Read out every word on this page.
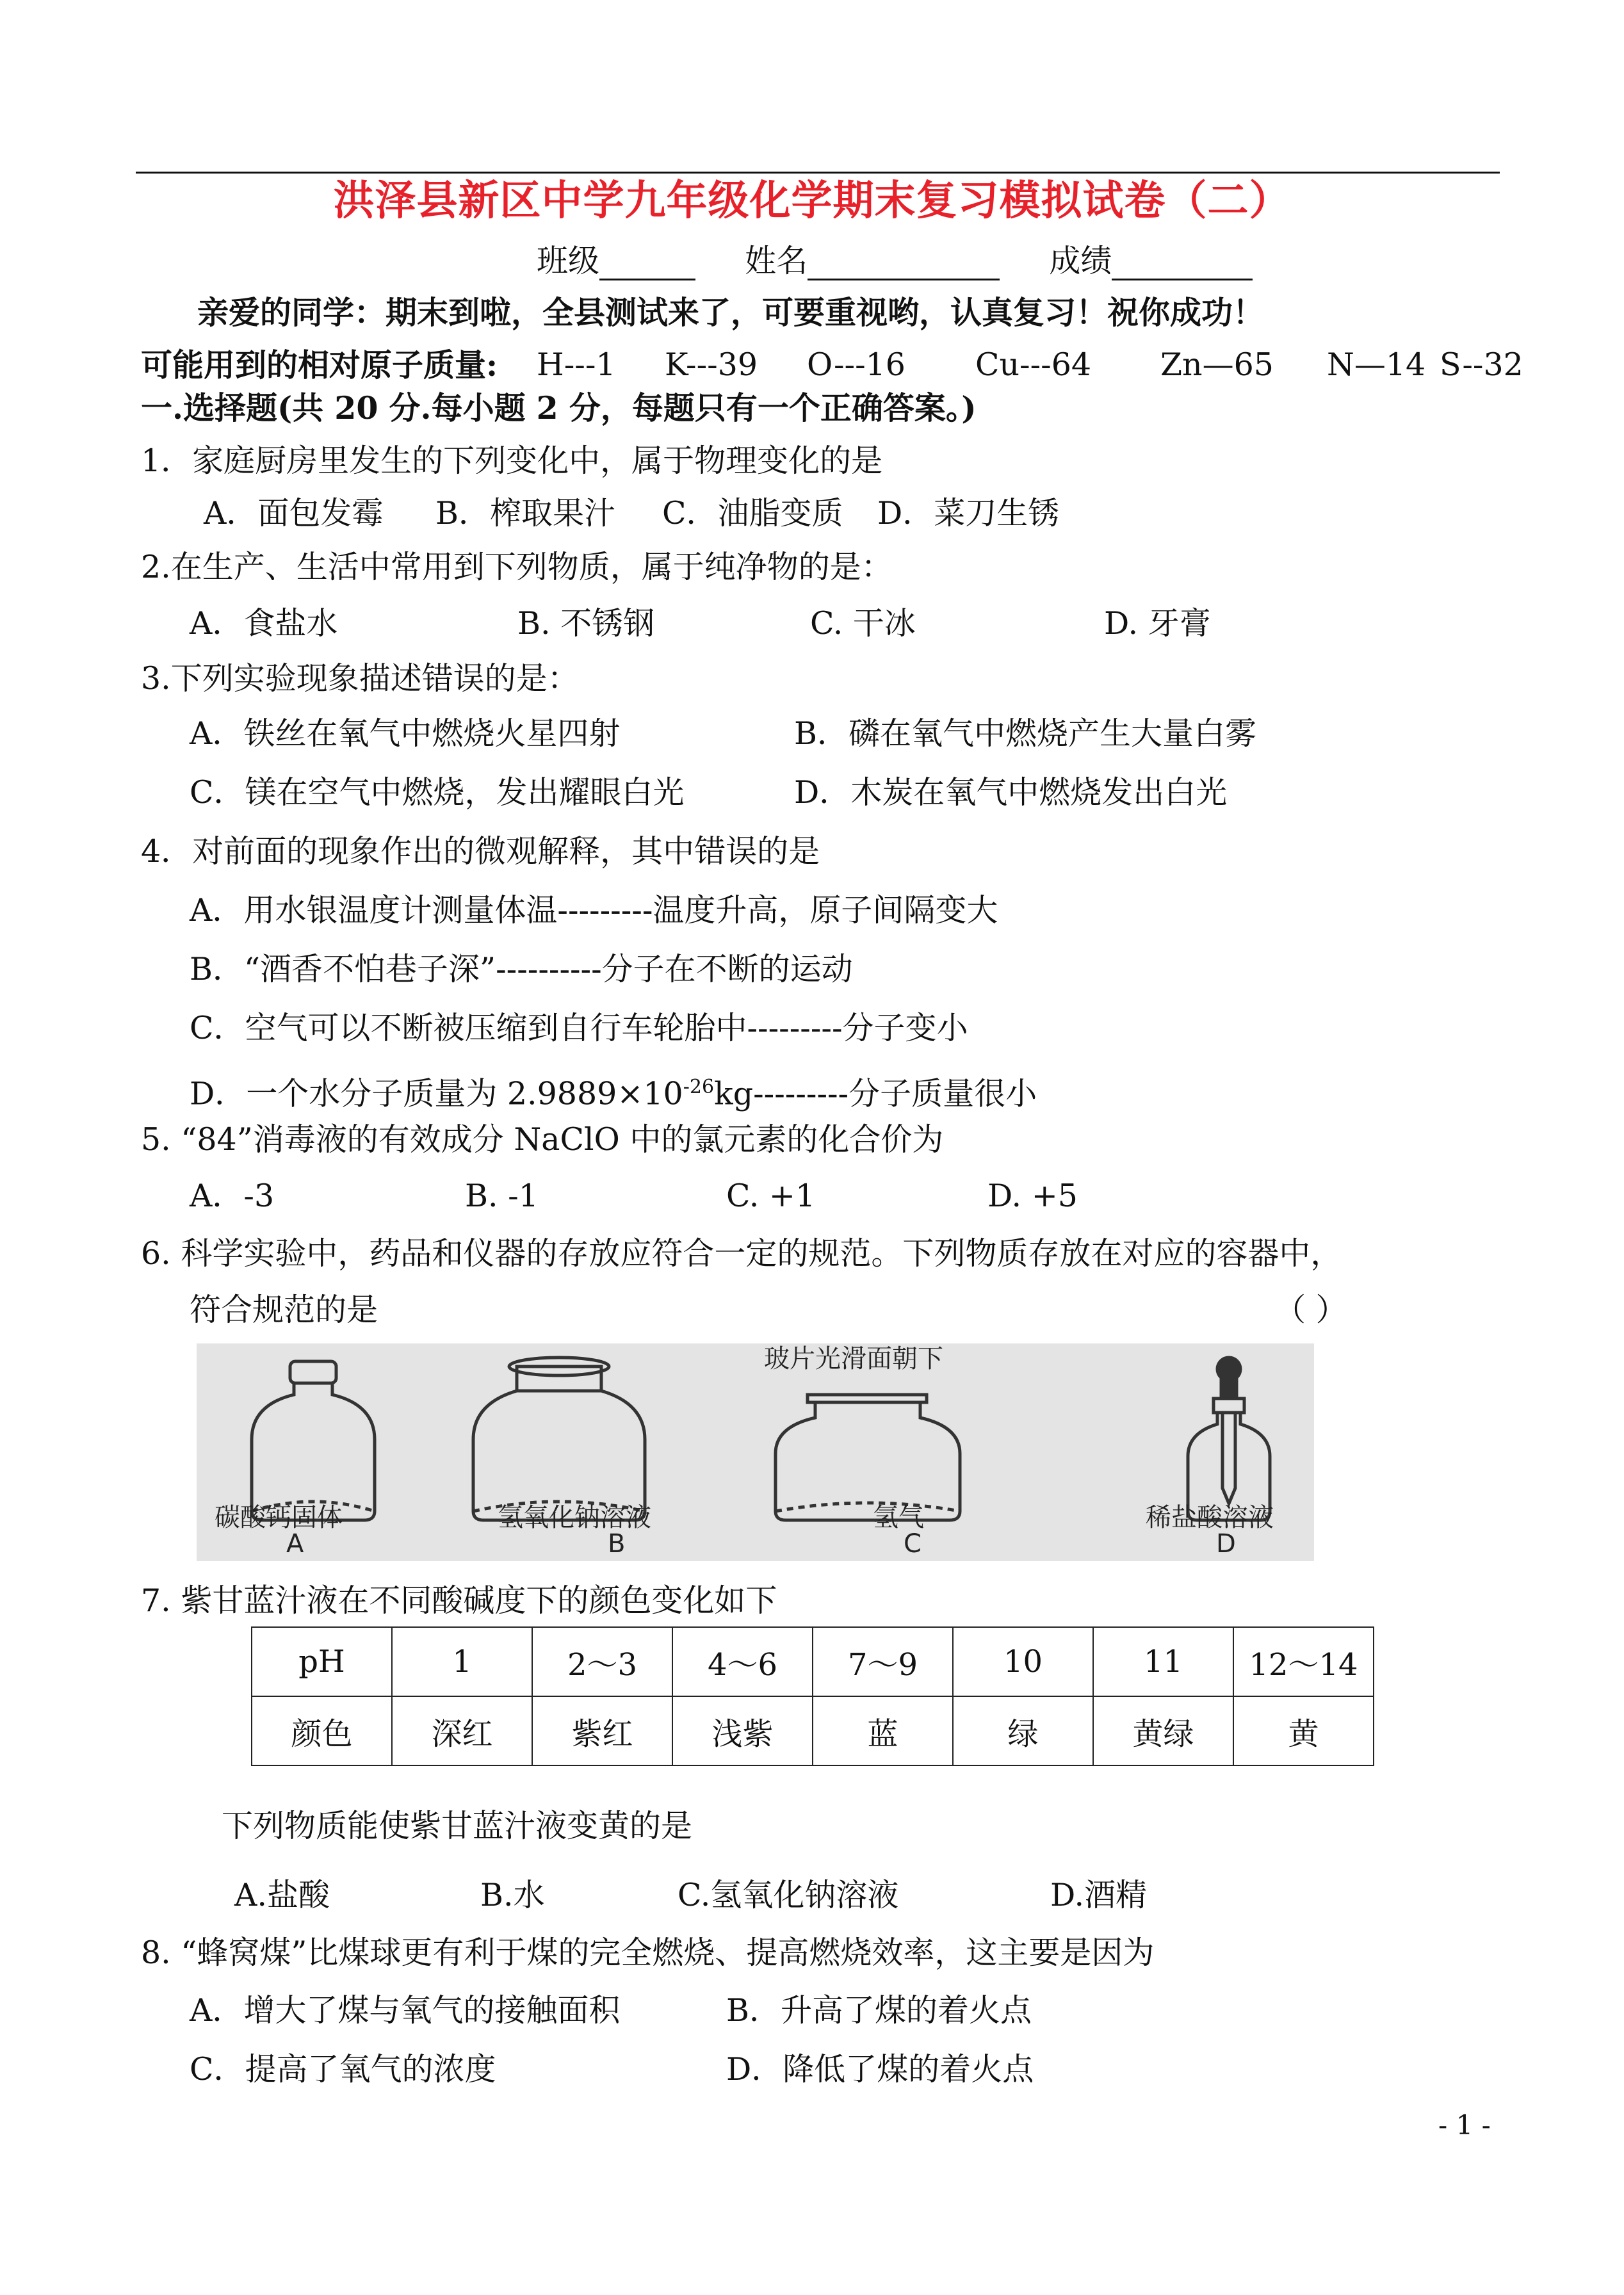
洪泽县新区中学九年级化学期末复习模拟试卷（二）
班级	姓名	成绩
亲爱的同学：期末到啦，全县测试来了，可要重视哟，认真复习！祝你成功！
可能用到的相对原子质量: H---1 K---39 O---16 Cu---64 Zn—65 N—14 S--32
一.选择题(共 20 分.每小题 2 分，每题只有一个正确答案。)
1．家庭厨房里发生的下列变化中，属于物理变化的是
A．面包发霉 B．榨取果汁 C．油脂变质 D．菜刀生锈
2.在生产、生活中常用到下列物质，属于纯净物的是：
A．食盐水	B. 不锈钢	C. 干冰	D. 牙膏
3.下列实验现象描述错误的是：
A．铁丝在氧气中燃烧火星四射	B．磷在氧气中燃烧产生大量白雾
C．镁在空气中燃烧，发出耀眼白光	D．木炭在氧气中燃烧发出白光
4．对前面的现象作出的微观解释，其中错误的是
A．用水银温度计测量体温---------温度升高，原子间隔变大
B．“酒香不怕巷子深”----------分子在不断的运动
C．空气可以不断被压缩到自行车轮胎中---------分子变小
D．一个水分子质量为 $2.9889\times 10^{-26}kg---------$分子质量很小
5. “84”消毒液的有效成分 NaClO 中的氯元素的化合价为
A．-3	B. -1	C. +1	D. +5
6. 科学实验中，药品和仪器的存放应符合一定的规范。下列物质存放在对应的容器中，
符合规范的是	（ ）
玻片光滑面朝下
碳酸钙固体
A
氢氧化钠溶液
B
氢气
C
稀盐酸溶液
D
7. 紫甘蓝汁液在不同酸碱度下的颜色变化如下
pH	1	2～3	4～6	7～9	10	11	12～14
颜色	深红	紫红	浅紫	蓝	绿	黄绿	黄
下列物质能使紫甘蓝汁液变黄的是
A.盐酸	B.水	C.氢氧化钠溶液	D.酒精
8. “蜂窝煤”比煤球更有利于煤的完全燃烧、提高燃烧效率，这主要是因为
A．增大了煤与氧气的接触面积	B．升高了煤的着火点
C．提高了氧气的浓度	D．降低了煤的着火点
- 1 -
